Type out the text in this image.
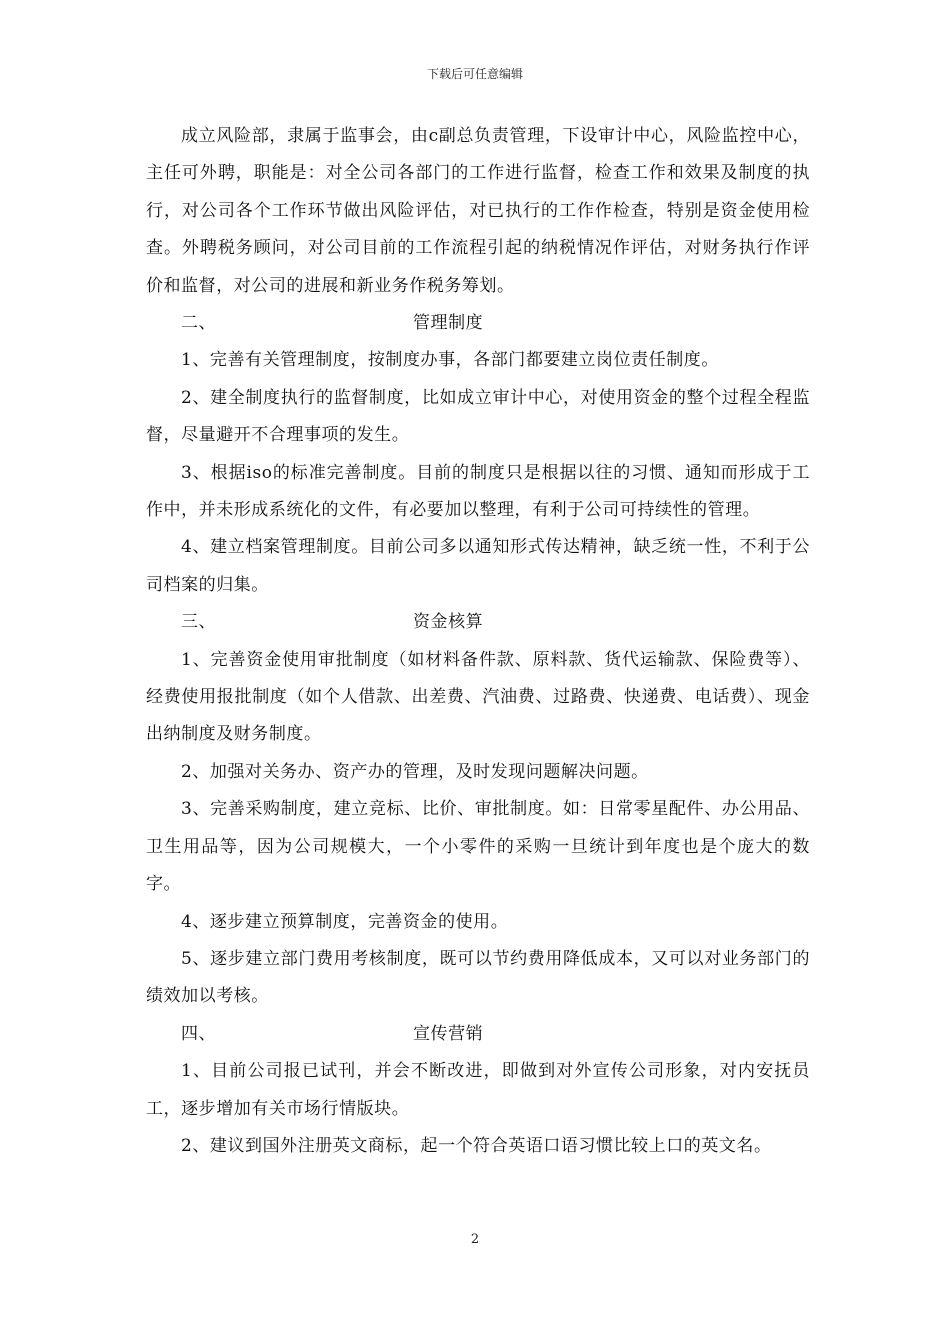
下载后可任意编辑

成立风险部，隶属于监事会，由c副总负责管理，下设审计中心，风险监控中心，主任可外聘，职能是：对全公司各部门的工作进行监督，检查工作和效果及制度的执行，对公司各个工作环节做出风险评估，对已执行的工作作检查，特别是资金使用检查。外聘税务顾问，对公司目前的工作流程引起的纳税情况作评估，对财务执行作评价和监督，对公司的进展和新业务作税务筹划。

二、	管理制度

1、完善有关管理制度，按制度办事，各部门都要建立岗位责任制度。

2、建全制度执行的监督制度，比如成立审计中心，对使用资金的整个过程全程监督，尽量避开不合理事项的发生。

3、根据iso的标准完善制度。目前的制度只是根据以往的习惯、通知而形成于工作中，并未形成系统化的文件，有必要加以整理，有利于公司可持续性的管理。

4、建立档案管理制度。目前公司多以通知形式传达精神，缺乏统一性，不利于公司档案的归集。

三、	资金核算

1、完善资金使用审批制度（如材料备件款、原料款、货代运输款、保险费等）、经费使用报批制度（如个人借款、出差费、汽油费、过路费、快递费、电话费）、现金出纳制度及财务制度。

2、加强对关务办、资产办的管理，及时发现问题解决问题。

3、完善采购制度，建立竞标、比价、审批制度。如：日常零星配件、办公用品、卫生用品等，因为公司规模大，一个小零件的采购一旦统计到年度也是个庞大的数字。

4、逐步建立预算制度，完善资金的使用。

5、逐步建立部门费用考核制度，既可以节约费用降低成本，又可以对业务部门的绩效加以考核。

四、	宣传营销

1、目前公司报已试刊，并会不断改进，即做到对外宣传公司形象，对内安抚员工，逐步增加有关市场行情版块。

2、建议到国外注册英文商标，起一个符合英语口语习惯比较上口的英文名。

2
